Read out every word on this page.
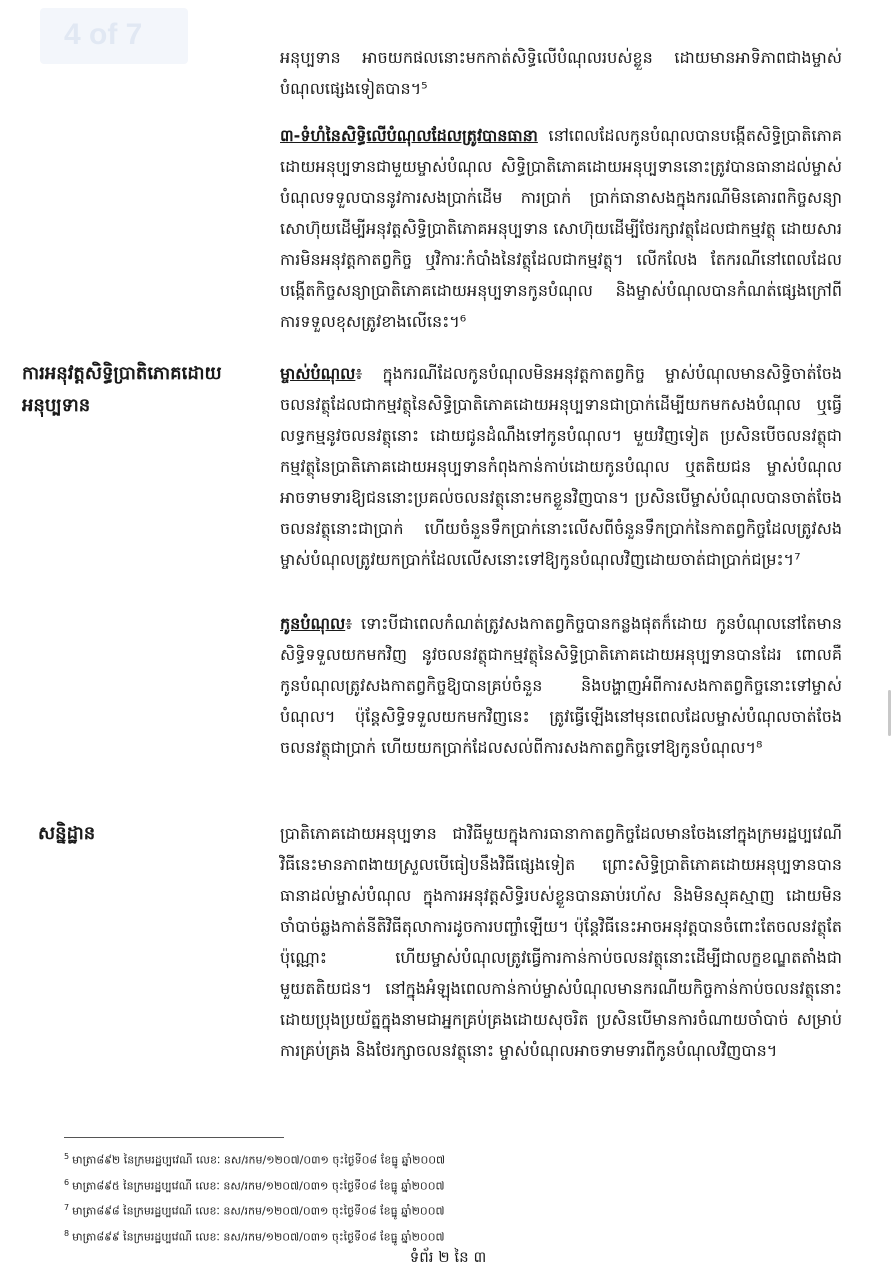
4 of 7
អនុប្បទាន អាចយកផលនោះមកកាត់សិទ្ធិលើបំណុលរបស់ខ្លួន ដោយមានអាទិភាពជាងម្ចាស់បំណុលផ្សេងទៀតបាន។⁵
៣-ទំហំនៃសិទ្ធិលើបំណុលដែលត្រូវបានធានា នៅពេលដែលកូនបំណុលបានបង្កើតសិទ្ធិប្រាតិភោគដោយអនុប្បទានជាមួយម្ចាស់បំណុល សិទ្ធិប្រាតិភោគដោយអនុប្បទាននោះត្រូវបានធានាដល់ម្ចាស់បំណុលទទួលបាននូវការសងប្រាក់ដើម ការប្រាក់ ប្រាក់ធានាសងក្នុងករណីមិនគោរពកិច្ចសន្យា សោហ៊ុយដើម្បីអនុវត្តសិទ្ធិប្រាតិភោគអនុប្បទាន សោហ៊ុយដើម្បីថែរក្សាវត្ថុដែលជាកម្មវត្ថុ ដោយសារការមិនអនុវត្តកាតព្វកិច្ច ឬវិការៈកំបាំងនៃវត្ថុដែលជាកម្មវត្ថុ។ លើកលែង តែករណីនៅពេលដែលបង្កើតកិច្ចសន្យាប្រាតិភោគដោយអនុប្បទានកូនបំណុល និងម្ចាស់បំណុលបានកំណត់ផ្សេងក្រៅពីការទទួលខុសត្រូវខាងលើនេះ។⁶
ការអនុវត្តសិទ្ធិប្រាតិភោគដោយអនុប្បទាន
ម្ចាស់បំណុល៖ ក្នុងករណីដែលកូនបំណុលមិនអនុវត្តកាតព្វកិច្ច ម្ចាស់បំណុលមានសិទ្ធិចាត់ចែងចលនវត្ថុដែលជាកម្មវត្ថុនៃសិទ្ធិប្រាតិភោគដោយអនុប្បទានជាប្រាក់ដើម្បីយកមកសងបំណុល ឬធ្វើលទ្ធកម្មនូវចលនវត្ថុនោះ ដោយជូនដំណឹងទៅកូនបំណុល។ មួយវិញទៀត ប្រសិនបើចលនវត្ថុជាកម្មវត្ថុនៃប្រាតិភោគដោយអនុប្បទានកំពុងកាន់កាប់ដោយកូនបំណុល ឬតតិយជន ម្ចាស់បំណុលអាចទាមទារឱ្យជននោះប្រគល់ចលនវត្ថុនោះមកខ្លួនវិញបាន។ ប្រសិនបើម្ចាស់បំណុលបានចាត់ចែងចលនវត្ថុនោះជាប្រាក់ ហើយចំនួនទឹកប្រាក់នោះលើសពីចំនួនទឹកប្រាក់នៃកាតព្វកិច្ចដែលត្រូវសង ម្ចាស់បំណុលត្រូវយកប្រាក់ដែលលើសនោះទៅឱ្យកូនបំណុលវិញដោយចាត់ជាប្រាក់ជម្រះ។⁷
កូនបំណុល៖ ទោះបីជាពេលកំណត់ត្រូវសងកាតព្វកិច្ចបានកន្លងផុតក៏ដោយ កូនបំណុលនៅតែមានសិទ្ធិទទួលយកមកវិញ នូវចលនវត្ថុជាកម្មវត្ថុនៃសិទ្ធិប្រាតិភោគដោយអនុប្បទានបានដែរ ពោលគឺ កូនបំណុលត្រូវសងកាតព្វកិច្ចឱ្យបានគ្រប់ចំនួន និងបង្ហាញអំពីការសងកាតព្វកិច្ចនោះទៅម្ចាស់បំណុល។ ប៉ុន្តែសិទ្ធិទទួលយកមកវិញនេះ ត្រូវធ្វើឡើងនៅមុនពេលដែលម្ចាស់បំណុលចាត់ចែងចលនវត្ថុជាប្រាក់ ហើយយកប្រាក់ដែលសល់ពីការសងកាតព្វកិច្ចទៅឱ្យកូនបំណុល។⁸
សន្និដ្ឋាន	ប្រាតិភោគដោយអនុប្បទាន ជាវិធីមួយក្នុងការធានាកាតព្វកិច្ចដែលមានចែងនៅក្នុងក្រមរដ្ឋប្បវេណី វិធីនេះមានភាពងាយស្រួលបើធៀបនឹងវិធីផ្សេងទៀត ព្រោះសិទ្ធិប្រាតិភោគដោយអនុប្បទានបានធានាដល់ម្ចាស់បំណុល ក្នុងការអនុវត្តសិទ្ធិរបស់ខ្លួនបានឆាប់រហ័ស និងមិនស្មុគស្មាញ ដោយមិនចាំបាច់ឆ្លងកាត់នីតិវិធីតុលាការដូចការបញ្ចាំឡើយ។ ប៉ុន្តែវិធីនេះអាចអនុវត្តបានចំពោះតែចលនវត្ថុតែប៉ុណ្ណោះ ហើយម្ចាស់បំណុលត្រូវធ្វើការកាន់កាប់ចលនវត្ថុនោះដើម្បីជាលក្ខខណ្ឌតតាំងជាមួយតតិយជន។ នៅក្នុងអំឡុងពេលកាន់កាប់ម្ចាស់បំណុលមានករណីយកិច្ចកាន់កាប់ចលនវត្ថុនោះដោយប្រុងប្រយ័ត្នក្នុងនាមជាអ្នកគ្រប់គ្រងដោយសុចរិត ប្រសិនបើមានការចំណាយចាំបាច់ សម្រាប់ការគ្រប់គ្រង និងថែរក្សាចលនវត្ថុនោះ ម្ចាស់បំណុលអាចទាមទារពីកូនបំណុលវិញបាន។
$^5$ មាត្រា៨៩២ នៃក្រមរដ្ឋប្បវេណី លេខៈ នស/រកម/១២០៧/០៣១ ចុះថ្ងៃទី០៨ ខែធ្នូ ឆ្នាំ២០០៧
$^6$ មាត្រា៨៩៥ នៃក្រមរដ្ឋប្បវេណី លេខៈ នស/រកម/១២០៧/០៣១ ចុះថ្ងៃទី០៨ ខែធ្នូ ឆ្នាំ២០០៧
$^7$ មាត្រា៨៩៨ នៃក្រមរដ្ឋប្បវេណី លេខៈ នស/រកម/១២០៧/០៣១ ចុះថ្ងៃទី០៨ ខែធ្នូ ឆ្នាំ២០០៧
$^8$ មាត្រា៨៩៩ នៃក្រមរដ្ឋប្បវេណី លេខៈ នស/រកម/១២០៧/០៣១ ចុះថ្ងៃទី០៨ ខែធ្នូ ឆ្នាំ២០០៧
ទំព័រ ២ នៃ ៣
